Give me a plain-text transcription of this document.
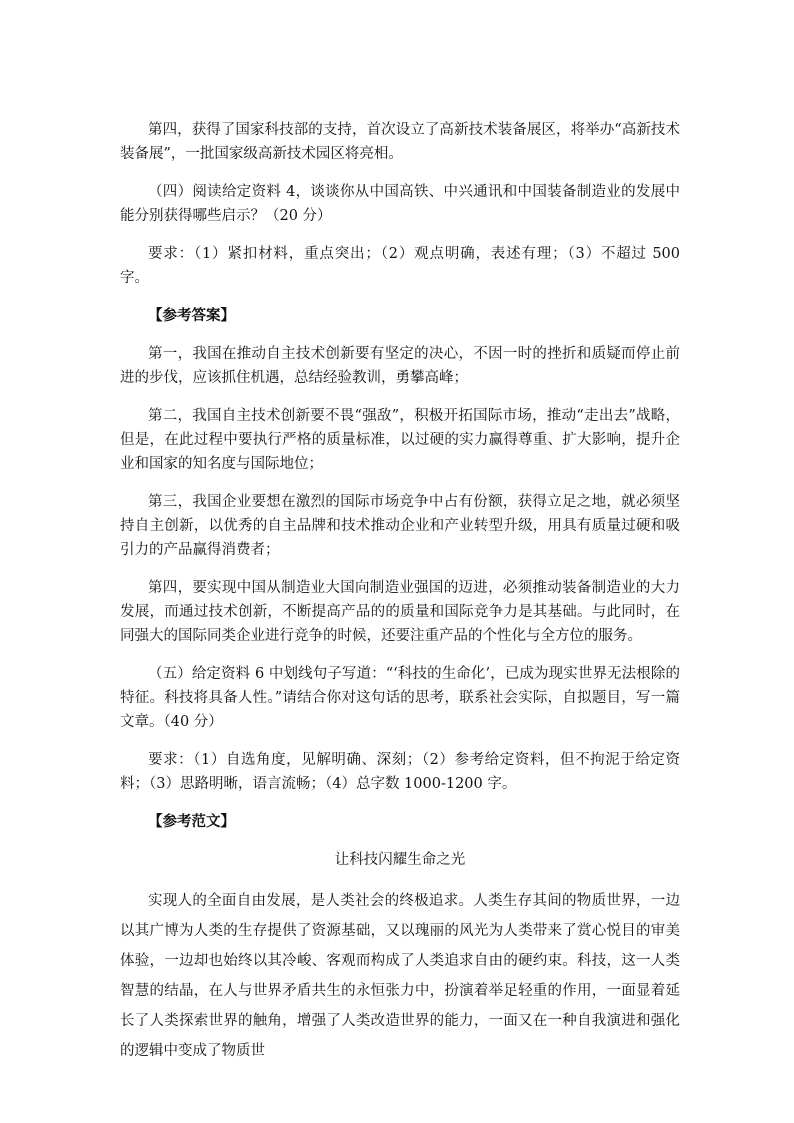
第四，获得了国家科技部的支持，首次设立了高新技术装备展区，将举办“高新技术装备展”，一批国家级高新技术园区将亮相。

（四）阅读给定资料 4，谈谈你从中国高铁、中兴通讯和中国装备制造业的发展中能分别获得哪些启示？（20 分）

要求：（1）紧扣材料，重点突出；（2）观点明确，表述有理；（3）不超过 500 字。

【参考答案】

第一，我国在推动自主技术创新要有坚定的决心，不因一时的挫折和质疑而停止前进的步伐，应该抓住机遇，总结经验教训，勇攀高峰；

第二，我国自主技术创新要不畏“强敌”，积极开拓国际市场，推动“走出去”战略，但是，在此过程中要执行严格的质量标准，以过硬的实力赢得尊重、扩大影响，提升企业和国家的知名度与国际地位；

第三，我国企业要想在激烈的国际市场竞争中占有份额，获得立足之地，就必须坚持自主创新，以优秀的自主品牌和技术推动企业和产业转型升级，用具有质量过硬和吸引力的产品赢得消费者；

第四，要实现中国从制造业大国向制造业强国的迈进，必须推动装备制造业的大力发展，而通过技术创新，不断提高产品的的质量和国际竞争力是其基础。与此同时，在同强大的国际同类企业进行竞争的时候，还要注重产品的个性化与全方位的服务。

（五）给定资料 6 中划线句子写道：“‘科技的生命化’，已成为现实世界无法根除的特征。科技将具备人性。”请结合你对这句话的思考，联系社会实际，自拟题目，写一篇文章。（40 分）

要求：（1）自选角度，见解明确、深刻；（2）参考给定资料，但不拘泥于给定资料；（3）思路明晰，语言流畅；（4）总字数 1000-1200 字。

【参考范文】

让科技闪耀生命之光

实现人的全面自由发展，是人类社会的终极追求。人类生存其间的物质世界，一边以其广博为人类的生存提供了资源基础，又以瑰丽的风光为人类带来了赏心悦目的审美体验，一边却也始终以其冷峻、客观而构成了人类追求自由的硬约束。科技，这一人类智慧的结晶，在人与世界矛盾共生的永恒张力中，扮演着举足轻重的作用，一面显着延长了人类探索世界的触角，增强了人类改造世界的能力，一面又在一种自我演进和强化的逻辑中变成了物质世
